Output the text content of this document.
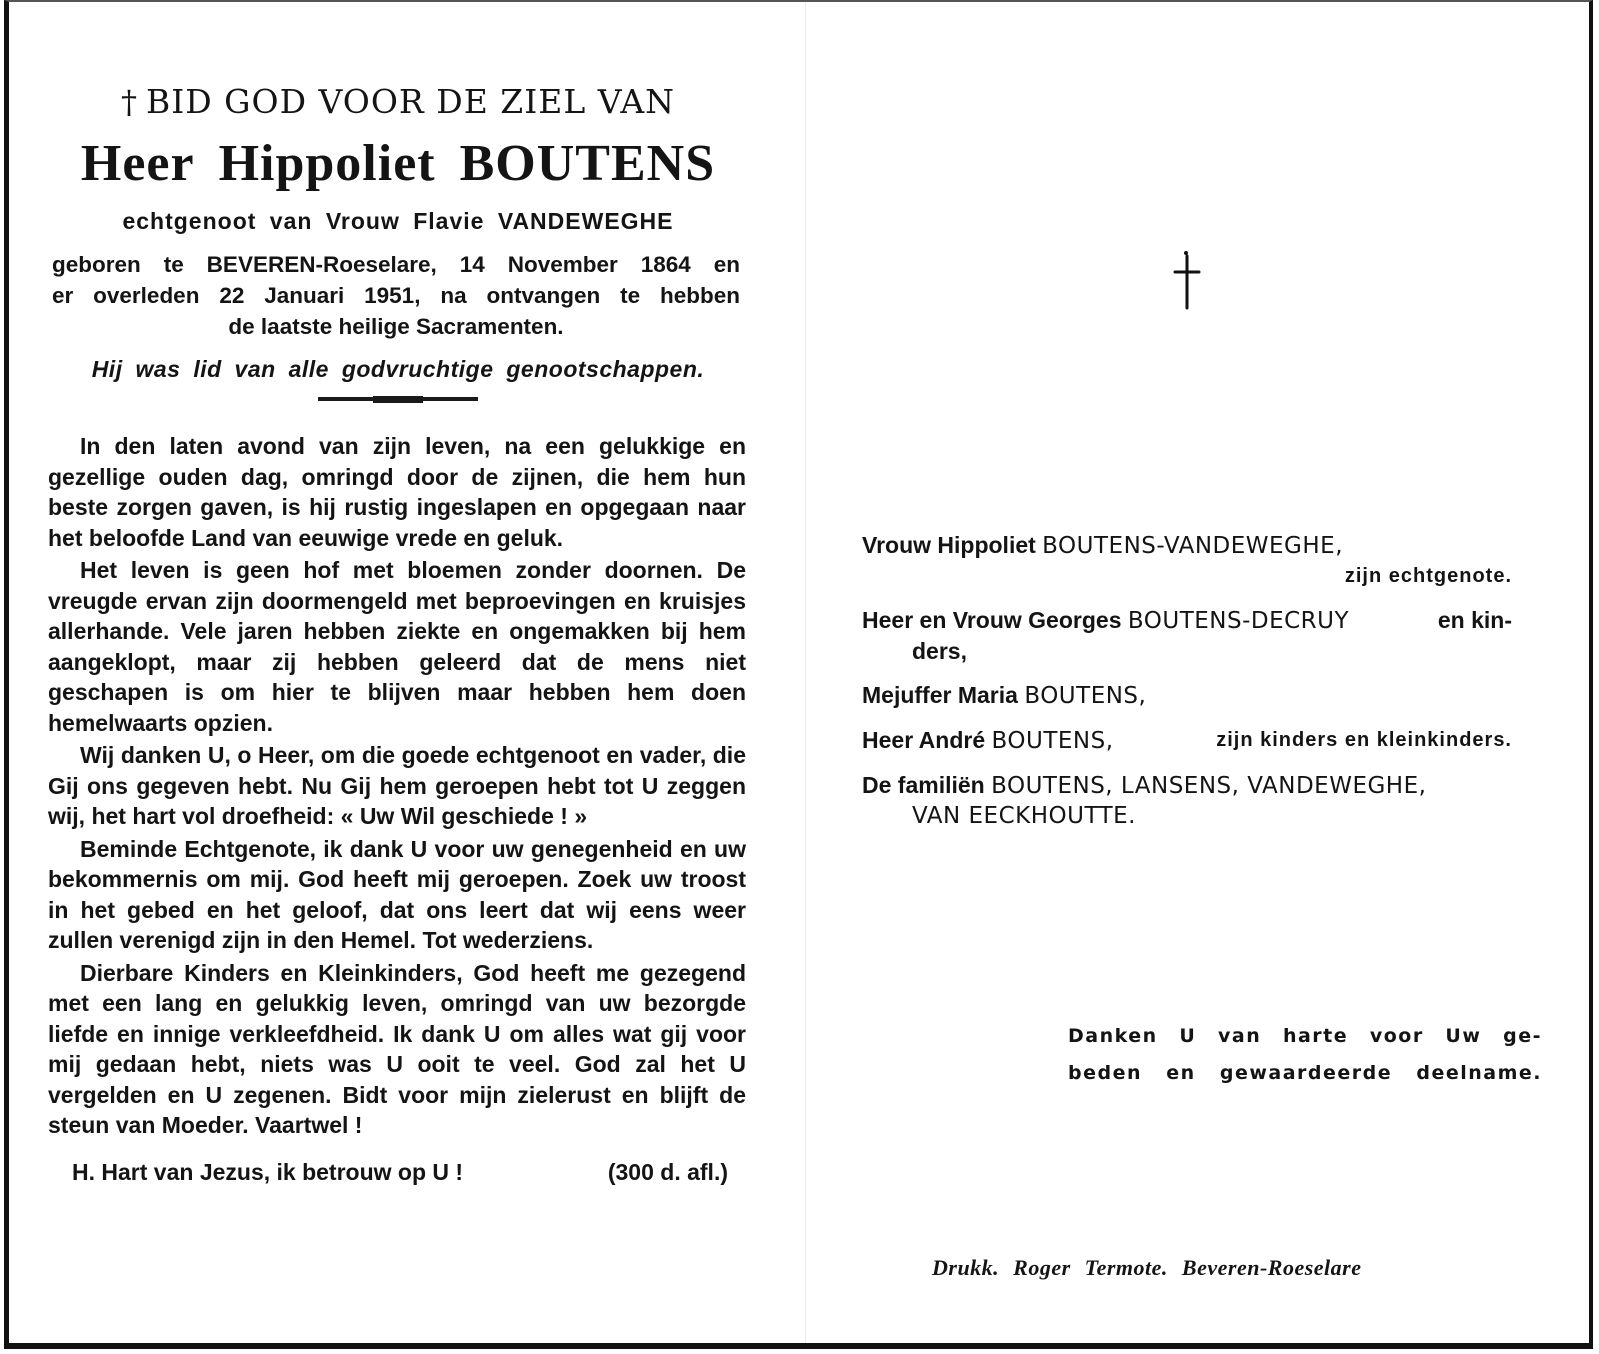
† BID GOD VOOR DE ZIEL VAN
Heer Hippoliet BOUTENS
echtgenoot van Vrouw Flavie VANDEWEGHE
geboren te BEVEREN-Roeselare, 14 November 1864 en
er overleden 22 Januari 1951, na ontvangen te hebben
de laatste heilige Sacramenten.
Hij was lid van alle godvruchtige genootschappen.

In den laten avond van zijn leven, na een gelukkige en gezellige ouden dag, omringd door de zijnen, die hem hun beste zorgen gaven, is hij rustig ingeslapen en opgegaan naar het beloofde Land van eeuwige vrede en geluk.

Het leven is geen hof met bloemen zonder doornen. De vreugde ervan zijn doormengeld met beproevingen en kruisjes allerhande. Vele jaren hebben ziekte en ongemakken bij hem aangeklopt, maar zij hebben geleerd dat de mens niet geschapen is om hier te blijven maar hebben hem doen hemelwaarts opzien.

Wij danken U, o Heer, om die goede echtgenoot en vader, die Gij ons gegeven hebt. Nu Gij hem geroepen hebt tot U zeggen wij, het hart vol droefheid: « Uw Wil geschiede ! »

Beminde Echtgenote, ik dank U voor uw genegenheid en uw bekommernis om mij. God heeft mij geroepen. Zoek uw troost in het gebed en het geloof, dat ons leert dat wij eens weer zullen verenigd zijn in den Hemel. Tot wederziens.

Dierbare Kinders en Kleinkinders, God heeft me gezegend met een lang en gelukkig leven, omringd van uw bezorgde liefde en innige verkleefdheid. Ik dank U om alles wat gij voor mij gedaan hebt, niets was U ooit te veel. God zal het U vergelden en U zegenen. Bidt voor mijn zielerust en blijft de steun van Moeder. Vaartwel !

H. Hart van Jezus, ik betrouw op U !	(300 d. afl.)
Vrouw Hippoliet BOUTENS-VANDEWEGHE,
zijn echtgenote.
Heer en Vrouw Georges BOUTENS-DECRUY	en kin-
ders,
Mejuffer Maria BOUTENS,
Heer André BOUTENS,	zijn kinders en kleinkinders.
De familiën BOUTENS, LANSENS, VANDEWEGHE,
VAN EECKHOUTTE.
Danken U van harte voor Uw ge-
beden en gewaardeerde deelname.
Drukk. Roger Termote. Beveren-Roeselare
